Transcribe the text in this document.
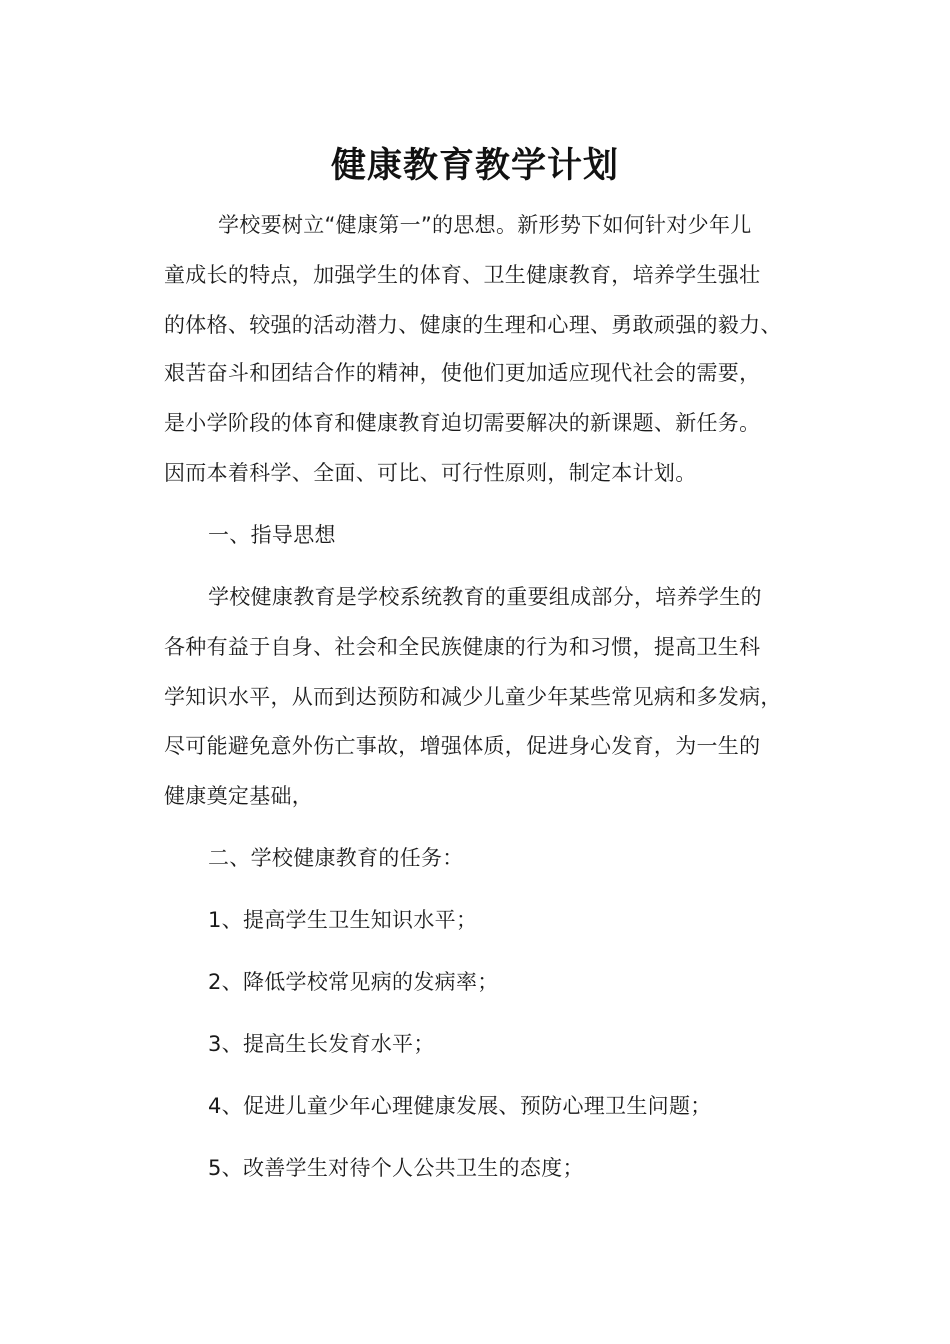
健康教育教学计划
学校要树立“健康第一”的思想。新形势下如何针对少年儿
童成长的特点，加强学生的体育、卫生健康教育，培养学生强壮
的体格、较强的活动潜力、健康的生理和心理、勇敢顽强的毅力、
艰苦奋斗和团结合作的精神，使他们更加适应现代社会的需要，
是小学阶段的体育和健康教育迫切需要解决的新课题、新任务。
因而本着科学、全面、可比、可行性原则，制定本计划。
一、指导思想
学校健康教育是学校系统教育的重要组成部分，培养学生的
各种有益于自身、社会和全民族健康的行为和习惯，提高卫生科
学知识水平，从而到达预防和减少儿童少年某些常见病和多发病，
尽可能避免意外伤亡事故，增强体质，促进身心发育，为一生的
健康奠定基础，
二、学校健康教育的任务：
1、提高学生卫生知识水平；
2、降低学校常见病的发病率；
3、提高生长发育水平；
4、促进儿童少年心理健康发展、预防心理卫生问题；
5、改善学生对待个人公共卫生的态度；
